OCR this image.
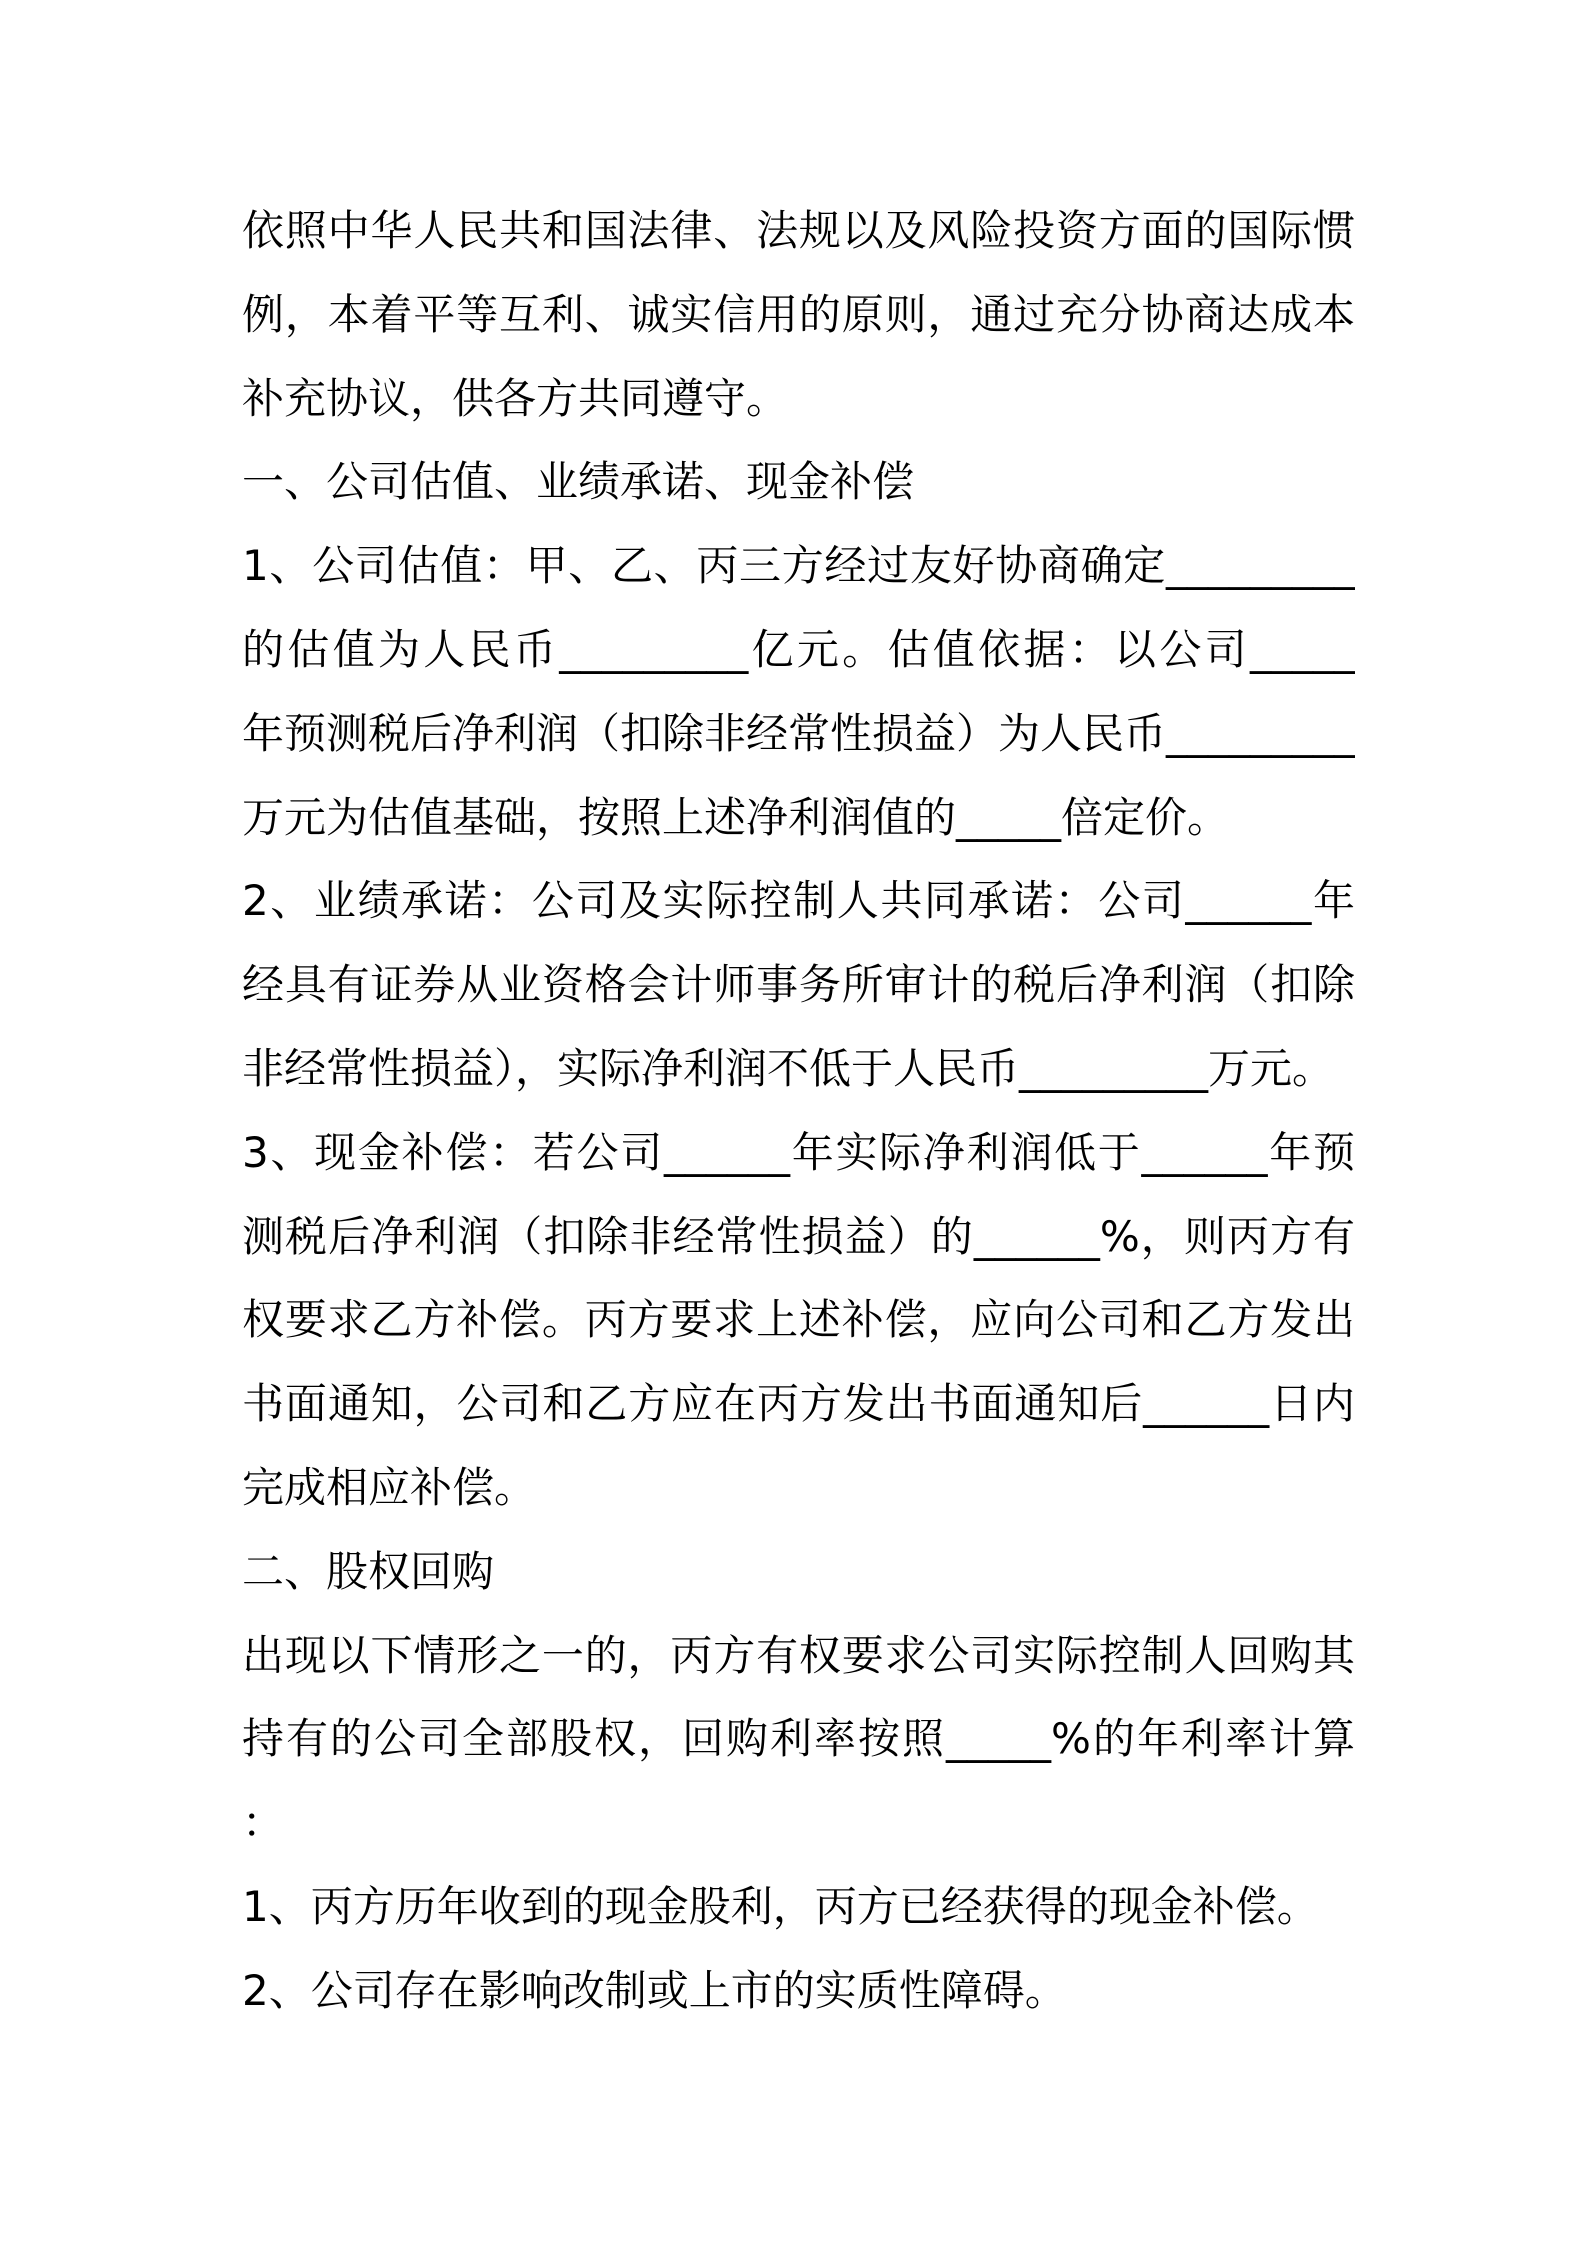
依照中华人民共和国法律、法规以及风险投资方面的国际惯
例，本着平等互利、诚实信用的原则，通过充分协商达成本
补充协议，供各方共同遵守。
一、公司估值、业绩承诺、现金补偿
1、公司估值：甲、乙、丙三方经过友好协商确定_________
的估值为人民币_________亿元。估值依据：以公司_____
年预测税后净利润（扣除非经常性损益）为人民币_________
万元为估值基础，按照上述净利润值的_____倍定价。
2、业绩承诺：公司及实际控制人共同承诺：公司______年
经具有证券从业资格会计师事务所审计的税后净利润（扣除
非经常性损益），实际净利润不低于人民币_________万元。
3、现金补偿：若公司______年实际净利润低于______年预
测税后净利润（扣除非经常性损益）的______%，则丙方有
权要求乙方补偿。丙方要求上述补偿，应向公司和乙方发出
书面通知，公司和乙方应在丙方发出书面通知后______日内
完成相应补偿。
二、股权回购
出现以下情形之一的，丙方有权要求公司实际控制人回购其
持有的公司全部股权，回购利率按照_____%的年利率计算
：
1、丙方历年收到的现金股利，丙方已经获得的现金补偿。
2、公司存在影响改制或上市的实质性障碍。
